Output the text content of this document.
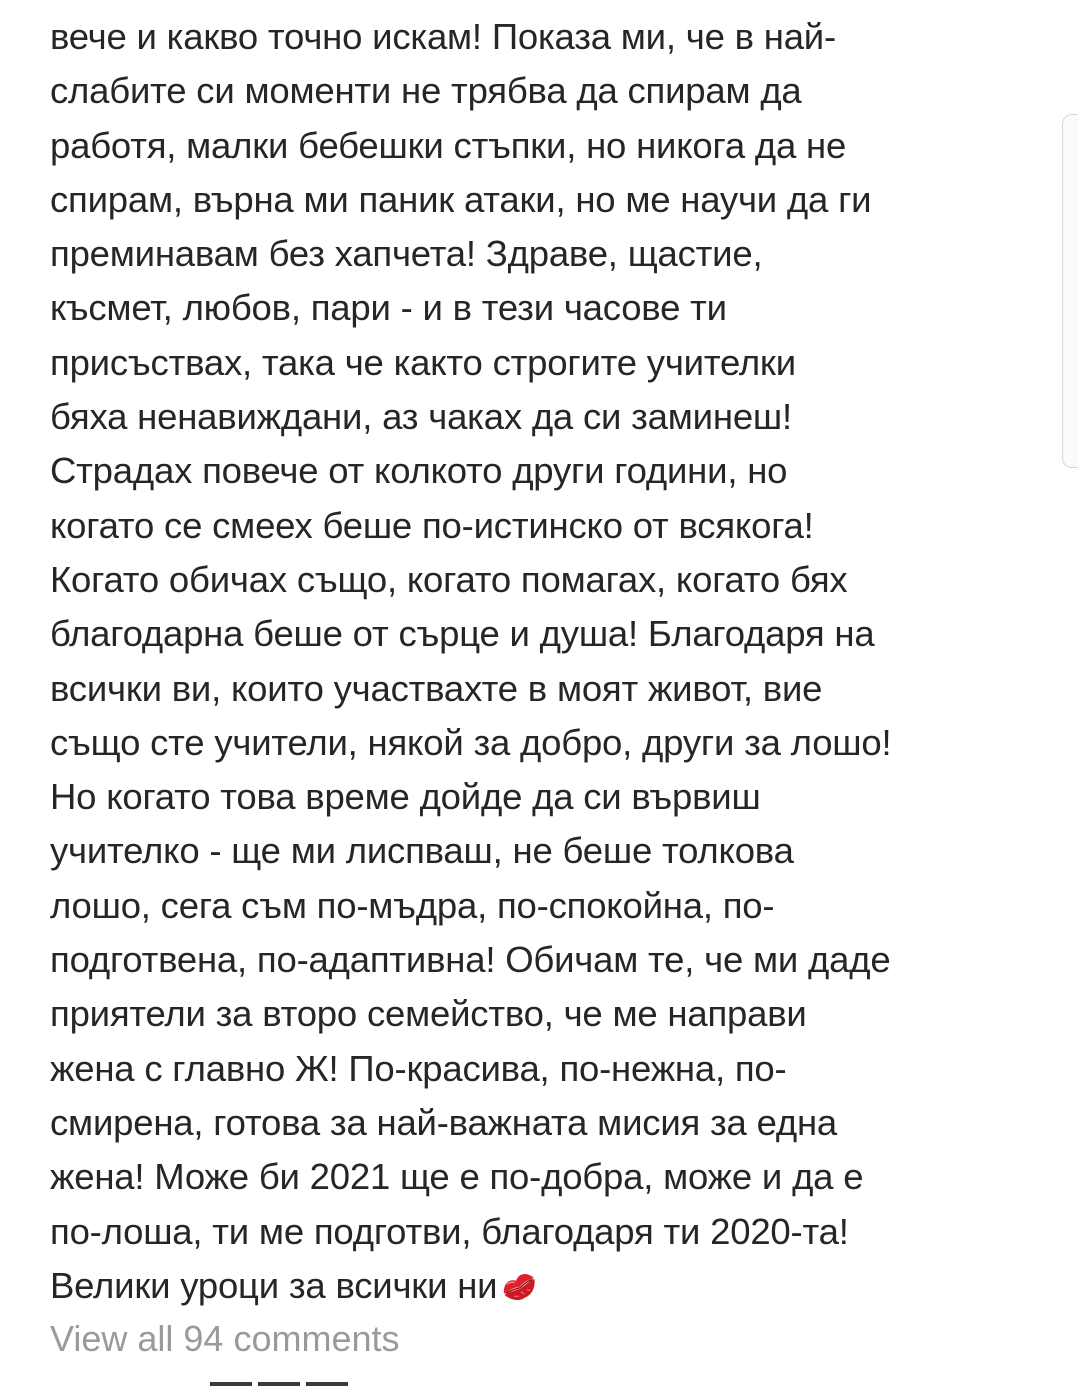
вече и какво точно искам! Показа ми, че в най-
слабите си моменти не трябва да спирам да
работя, малки бебешки стъпки, но никога да не
спирам, върна ми паник атаки, но ме научи да ги
преминавам без хапчета! Здраве, щастие,
късмет, любов, пари - и в тези часове ти
присъствах, така че както строгите учителки
бяха ненавиждани, аз чаках да си заминеш!
Страдах повече от колкото други години, но
когато се смеех беше по-истинско от всякога!
Когато обичах също, когато помагах, когато бях
благодарна беше от сърце и душа! Благодаря на
всички ви, които участвахте в моят живот, вие
също сте учители, някой за добро, други за лошо!
Но когато това време дойде да си вървиш
учителко - ще ми лиспваш, не беше толкова
лошо, сега съм по-мъдра, по-спокойна, по-
подготвена, по-адаптивна! Обичам те, че ми даде
приятели за второ семейство, че ме направи
жена с главно Ж! По-красива, по-нежна, по-
смирена, готова за най-важната мисия за една
жена! Може би 2021 ще е по-добра, може и да е
по-лоша, ти ме подготви, благодаря ти 2020-та!
Велики уроци за всички ни
View all 94 comments
